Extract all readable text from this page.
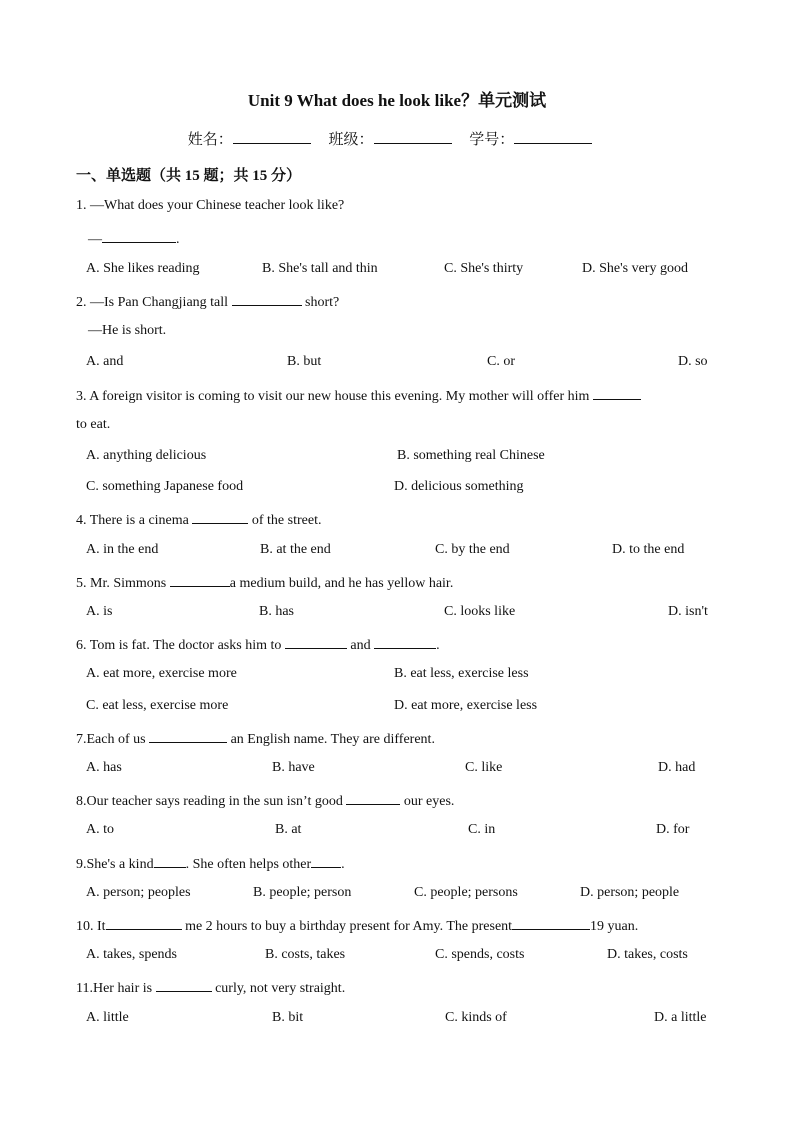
Unit 9 What does he look like？单元测试
姓名：	班级：	学号：
一、单选题（共 15 题；共 15 分）
1. —What does your Chinese teacher look like?
—	.
A. She likes reading	B. She's tall and thin	C. She's thirty	D. She's very good
2. —Is Pan Changjiang tall	short?
—He is short.
A. and	B. but	C. or	D. so
3. A foreign visitor is coming to visit our new house this evening. My mother will offer him
to eat.
A. anything delicious	B. something real Chinese
C. something Japanese food	D. delicious something
4. There is a cinema	of the street.
A. in the end	B. at the end	C. by the end	D. to the end
5. Mr. Simmons	a medium build, and he has yellow hair.
A. is	B. has	C. looks like	D. isn't
6. Tom is fat. The doctor asks him to	and	.
A. eat more, exercise more	B. eat less, exercise less
C. eat less, exercise more	D. eat more, exercise less
7.Each of us	an English name. They are different.
A. has	B. have	C. like	D. had
8.Our teacher says reading in the sun isn’t good	our eyes.
A. to	B. at	C. in	D. for
9.She's a kind . She often helps other .
A. person; peoples	B. people; person	C. people; persons	D. person; people
10. It	me 2 hours to buy a birthday present for Amy. The present	19 yuan.
A. takes, spends	B. costs, takes	C. spends, costs	D. takes, costs
11.Her hair is	curly, not very straight.
A. little	B. bit	C. kinds of	D. a little
